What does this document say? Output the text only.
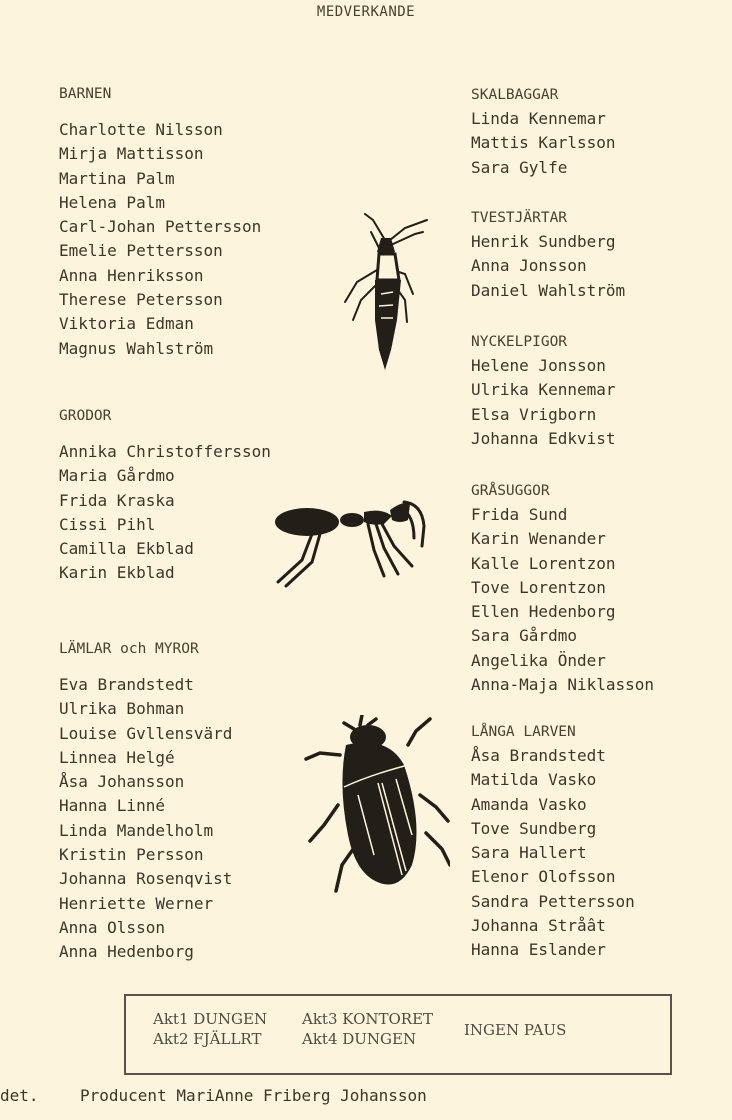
MEDVERKANDE
BARNEN
Charlotte Nilsson
Mirja Mattisson
Martina Palm
Helena Palm
Carl-Johan Pettersson
Emelie Pettersson
Anna Henriksson
Therese Petersson
Viktoria Edman
Magnus Wahlström
GRODOR
Annika Christoffersson
Maria Gårdmo
Frida Kraska
Cissi Pihl
Camilla Ekblad
Karin Ekblad
LÄMLAR och MYROR
Eva Brandstedt
Ulrika Bohman
Louise Gvllensvärd
Linnea Helgé
Åsa Johansson
Hanna Linné
Linda Mandelholm
Kristin Persson
Johanna Rosenqvist
Henriette Werner
Anna Olsson
Anna Hedenborg
SKALBAGGAR
Linda Kennemar
Mattis Karlsson
Sara Gylfe
TVESTJÄRTAR
Henrik Sundberg
Anna Jonsson
Daniel Wahlström
NYCKELPIGOR
Helene Jonsson
Ulrika Kennemar
Elsa Vrigborn
Johanna Edkvist
GRÅSUGGOR
Frida Sund
Karin Wenander
Kalle Lorentzon
Tove Lorentzon
Ellen Hedenborg
Sara Gårdmo
Angelika Önder
Anna-Maja Niklasson
LÅNGA LARVEN
Åsa Brandstedt
Matilda Vasko
Amanda Vasko
Tove Sundberg
Sara Hallert
Elenor Olofsson
Sandra Pettersson
Johanna Stråât
Hanna Eslander
Akt1 DUNGEN
Akt2 FJÄLLRT
Akt3 KONTORET
Akt4 DUNGEN	INGEN PAUS
det.	Producent MariAnne Friberg Johansson
